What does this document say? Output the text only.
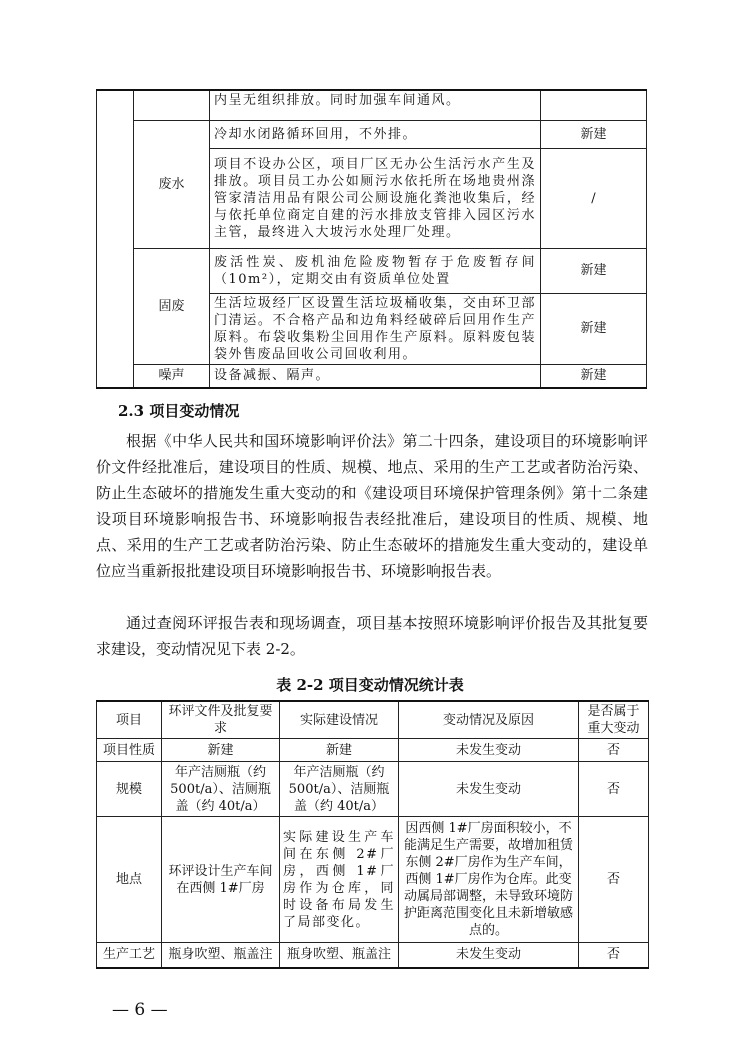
		内呈无组织排放。同时加强车间通风。	
	废水	冷却水闭路循环回用，不外排。	新建
		项目不设办公区，项目厂区无办公生活污水产生及排放。项目员工办公如厕污水依托所在场地贵州涤管家清洁用品有限公司公厕设施化粪池收集后，经与依托单位商定自建的污水排放支管排入园区污水主管，最终进入大坡污水处理厂处理。	/
	固废	废活性炭、废机油危险废物暂存于危废暂存间（10m²），定期交由有资质单位处置	新建
		生活垃圾经厂区设置生活垃圾桶收集，交由环卫部门清运。不合格产品和边角料经破碎后回用作生产原料。布袋收集粉尘回用作生产原料。原料废包装袋外售废品回收公司回收利用。	新建
	噪声	设备减振、隔声。	新建
2.3 项目变动情况
根据《中华人民共和国环境影响评价法》第二十四条，建设项目的环境影响评价文件经批准后，建设项目的性质、规模、地点、采用的生产工艺或者防治污染、防止生态破坏的措施发生重大变动的和《建设项目环境保护管理条例》第十二条建设项目环境影响报告书、环境影响报告表经批准后，建设项目的性质、规模、地点、采用的生产工艺或者防治污染、防止生态破坏的措施发生重大变动的，建设单位应当重新报批建设项目环境影响报告书、环境影响报告表。
通过查阅环评报告表和现场调查，项目基本按照环境影响评价报告及其批复要求建设，变动情况见下表 2-2。
表 2-2 项目变动情况统计表
项目	环评文件及批复要求	实际建设情况	变动情况及原因	是否属于重大变动
项目性质	新建	新建	未发生变动	否
规模	年产洁厕瓶（约500t/a）、洁厕瓶盖（约 40t/a）	年产洁厕瓶（约500t/a）、洁厕瓶盖（约 40t/a）	未发生变动	否
地点	环评设计生产车间在西侧 1#厂房	实际建设生产车间在东侧 2#厂房，西侧 1#厂房作为仓库，同时设备布局发生了局部变化。	因西侧 1#厂房面积较小，不能满足生产需要，故增加租赁东侧 2#厂房作为生产车间，西侧 1#厂房作为仓库。此变动属局部调整，未导致环境防护距离范围变化且未新增敏感点的。	否
生产工艺	瓶身吹塑、瓶盖注	瓶身吹塑、瓶盖注	未发生变动	否
— 6 —
